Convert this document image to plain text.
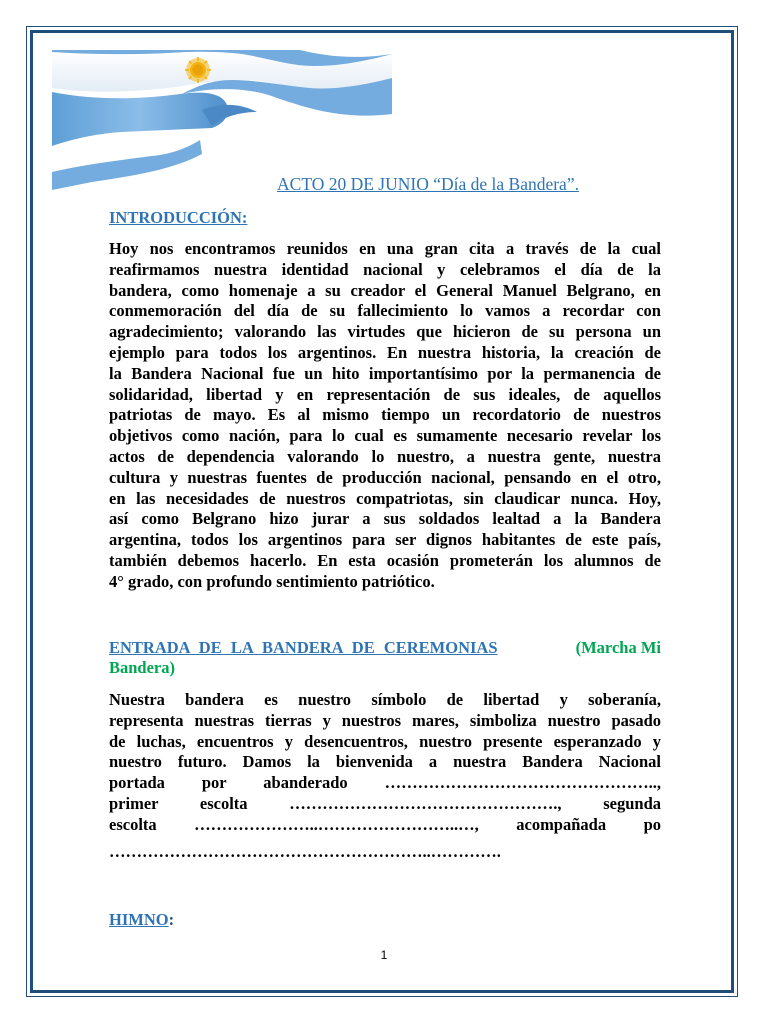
ACTO 20 DE JUNIO “Día de la Bandera”.
INTRODUCCIÓN:
Hoy nos encontramos reunidos en una gran cita a través de la cual
reafirmamos nuestra identidad nacional y celebramos el día de la
bandera, como homenaje a su creador el General Manuel Belgrano, en
conmemoración del día de su fallecimiento lo vamos a recordar con
agradecimiento; valorando las virtudes que hicieron de su persona un
ejemplo para todos los argentinos. En nuestra historia, la creación de
la Bandera Nacional fue un hito importantísimo por la permanencia de
solidaridad, libertad y en representación de sus ideales, de aquellos
patriotas de mayo. Es al mismo tiempo un recordatorio de nuestros
objetivos como nación, para lo cual es sumamente necesario revelar los
actos de dependencia valorando lo nuestro, a nuestra gente, nuestra
cultura y nuestras fuentes de producción nacional, pensando en el otro,
en las necesidades de nuestros compatriotas, sin claudicar nunca. Hoy,
así como Belgrano hizo jurar a sus soldados lealtad a la Bandera
argentina, todos los argentinos para ser dignos habitantes de este país,
también debemos hacerlo. En esta ocasión prometerán los alumnos de
4° grado, con profundo sentimiento patriótico.
ENTRADA DE LA BANDERA DE CEREMONIAS	(Marcha Mi
Bandera)
Nuestra bandera es nuestro símbolo de libertad y soberanía,
representa nuestras tierras y nuestros mares, simboliza nuestro pasado
de luchas, encuentros y desencuentros, nuestro presente esperanzado y
nuestro futuro. Damos la bienvenida a nuestra Bandera Nacional
portada por abanderado …………………………………………..,
primer escolta …………………………………………., segunda
escolta …………………..……………………..…, acompañada po
…………………………………………………..………….
HIMNO:

1
